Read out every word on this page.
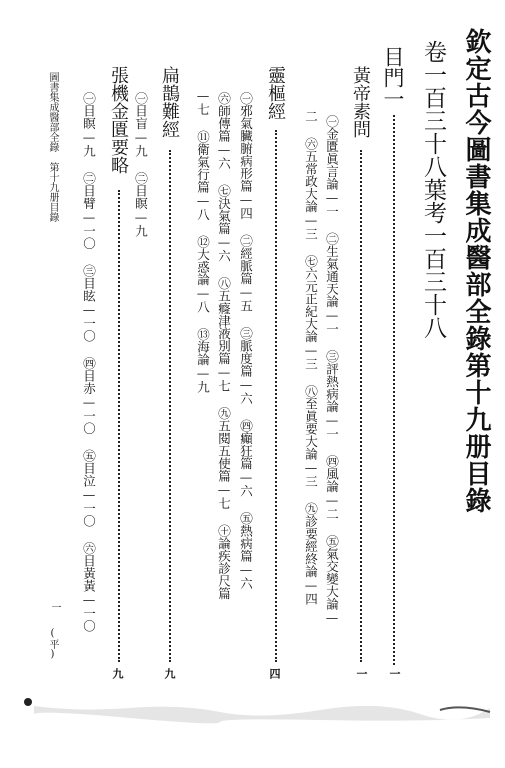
欽定古今圖書集成醫部全錄第十九册目錄
卷一百三十八葉考一百三十八
目門一
一
黃帝素問
一
㊀金匱眞言論—一 ㊁生氣通天論—一 ㊂評熱病論—一 ㊃風論—二 ㊄氣交變大論—
二 ㊅五常政大論—三 ㊆六元正紀大論—三 ㊇至眞要大論—三 ㊈診要經終論—四
靈樞經
四
㊀邪氣臟腑病形篇—四 ㊁經脈篇—五 ㊂脈度篇—六 ㊃癲狂篇—六 ㊄熱病篇—六
㊅師傳篇—六 ㊆決氣篇—六 ㊇五癃津液別篇—七 ㊈五閱五使篇—七 ㊉論疾診尺篇
—七 ⑪衛氣行篇—八 ⑫大惑論—八 ⑬海論—九
扁鵲難經
九
㊀目盲—九 ㊁目瞑—九
張機金匱要略
九
㊀目瞑—九 ㊁目臂—一〇 ㊂目眩—一〇 ㊃目赤—一〇 ㊄目泣—一〇 ㊅目黃黃—一〇
圖書集成醫部全錄　第十九册目錄
一
(平)
